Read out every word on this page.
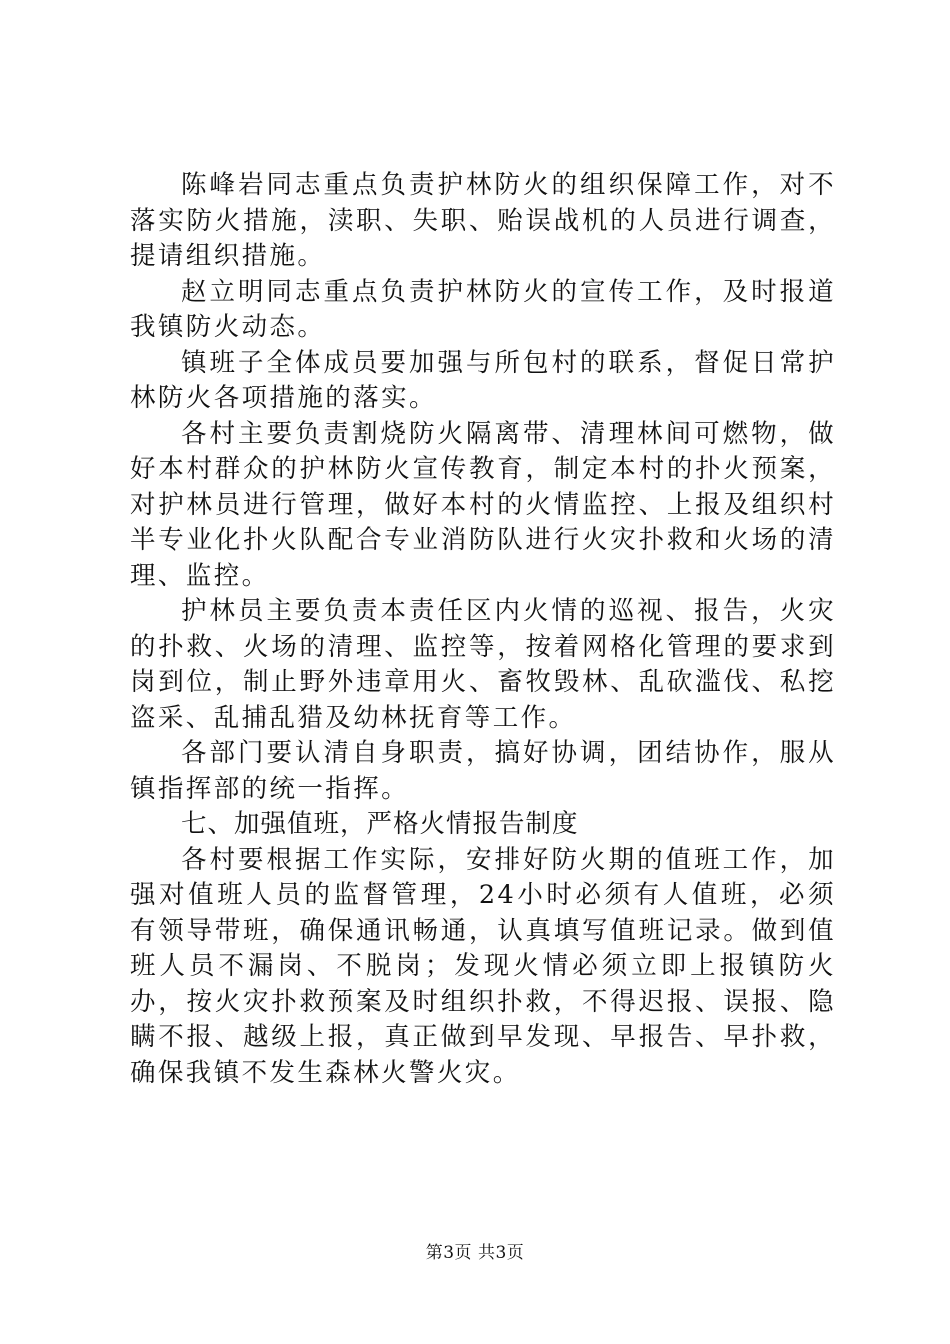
陈峰岩同志重点负责护林防火的组织保障工作，对不落实防火措施，渎职、失职、贻误战机的人员进行调查，提请组织措施。

赵立明同志重点负责护林防火的宣传工作，及时报道我镇防火动态。

镇班子全体成员要加强与所包村的联系，督促日常护林防火各项措施的落实。

各村主要负责割烧防火隔离带、清理林间可燃物，做好本村群众的护林防火宣传教育，制定本村的扑火预案，对护林员进行管理，做好本村的火情监控、上报及组织村半专业化扑火队配合专业消防队进行火灾扑救和火场的清理、监控。

护林员主要负责本责任区内火情的巡视、报告，火灾的扑救、火场的清理、监控等，按着网格化管理的要求到岗到位，制止野外违章用火、畜牧毁林、乱砍滥伐、私挖盗采、乱捕乱猎及幼林抚育等工作。

各部门要认清自身职责，搞好协调，团结协作，服从镇指挥部的统一指挥。

七、加强值班，严格火情报告制度

各村要根据工作实际，安排好防火期的值班工作，加强对值班人员的监督管理，24小时必须有人值班，必须有领导带班，确保通讯畅通，认真填写值班记录。做到值班人员不漏岗、不脱岗；发现火情必须立即上报镇防火办，按火灾扑救预案及时组织扑救，不得迟报、误报、隐瞒不报、越级上报，真正做到早发现、早报告、早扑救，确保我镇不发生森林火警火灾。

第3页 共3页
